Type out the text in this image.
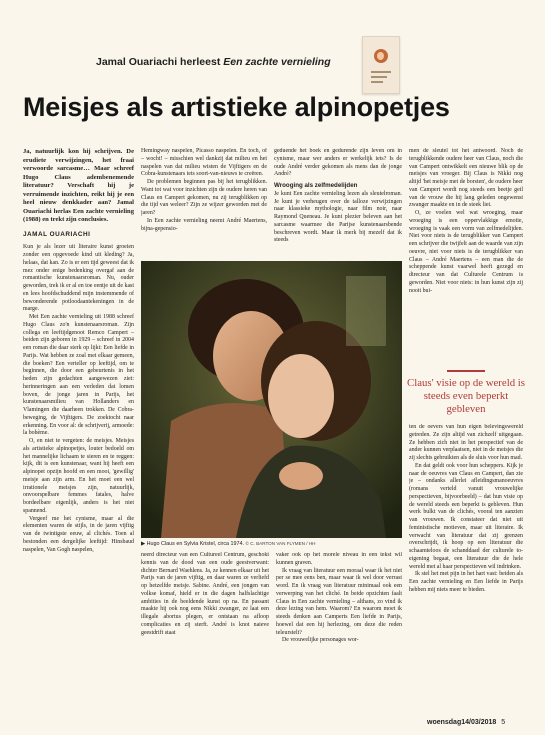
Jamal Ouariachi herleest Een zachte vernieling
Meisjes als artistieke alpinopetjes

Ja, natuurlijk kon hij schrijven. De erudiete verwijzingen, het fraai verwoorde sarcasme… Maar schreef Hugo Claus adembenemende literatuur? Verschaft hij je verruimende inzichten, reikt hij je een heel nieuw denkkader aan? Jamal Ouariachi herlas Een zachte vernieling (1988) en trekt zijn conclusies.

JAMAL OUARIACHI

Kun je als lezer uit literaire kunst groeien zonder een opgevoede kind uit kleding? Ja, helaas, dat kan. Zo is er een tijd geweest dat ik mez onder enige bedenking overgaf aan de romantische kunstenaarsroman. Nu, ouder geworden, trek ik er al en toe eentje uit de kast en lees hoofdschuddend mijn instemmende of bewonderende potloodaantekeningen in de marge.

Met Een zachte vernieling uit 1988 schreef Hugo Claus zo'n kunstenaarsroman. Zijn collega en leeftijdgenoot Remco Campert – beiden zijn geboren in 1929 – schreef in 2004 een roman die daar sterk op lijkt: Een liefde in Parijs. Wat hebben ze zoal met elkaar gemeen, die boeken? Een verteller op leeftijd, om te beginnen, die door een gebeurtenis in het heden zijn gedachten aangewezen ziet: herinneringen aan een verleden dat lomen boven, de jonge jaren in Parijs, het kunstenaarsmilieu van Hollanders en Vlamingen die daarheen trokken. De Cobra-beweging, de Vijftigers. De zoektocht naar erkenning. En voor al: de schrijverij, armoede: la bohème.

O, en niet te vergeten: de meisjes. Meisjes als artistieke alpinopetjes, louter bedoeld om het mannelijke lichaam te sieren en te reggen: kijk, dit is een kunstenaar, want hij heeft een alpinopet opzijn hoofd en een mooi, 'gewillig' meisje aan zijn arm. En het moet een wel irrationele meisjes zijn, natuurlijk, onvoorspelbare femmes fatales, halve bordeelbare eigenlijk, anders is het niet spannend.

Vergeef me het cynisme, maar al die elementen waren de stijls, in de jaren vijftig van de twintigste eeuw, al clichés. Toen al bestonden een dergelijke leeftijd: Hinsbaud naspelen, Van Gogh naspelen,

Hemingway naspelen, Picasso naspelen. En toch, of – wocht! – misschien wel dankzij dat milieu en het naspelen van dat milieu wisten de Vijftigers en de Cobra-kunstenaars iets soort-van-nieuws te creëren.

De problemen beginnen pas bij het terugblikken. Want tot wat voor inzichten zijn de oudere heren van Claus en Campert gekomen, nu zij terugblikken op die tijd van weleer? Zijn ze wijzer geworden met de jaren?

In Een zachte vernieling neemt André Maertens, bijna-gepensio-

geduende het boek en gedurende zijn leven om in cynisme, maar wer anders er werkelijk iets? Is de oude André verder gekomen als mens dan de jonge André?

Wrooging als zelfmedelijden

Je kunt Een zachte vernieling lezen als sleutelroman. Je kunt je verheugen over de talloze verwijzingen naar klassieke mythologie, naar film noir, naar Raymond Queneau. Je kunt plezier beleven aan het sarcasme waarmee die Parijse kunstenaarsbende beschreven wordt. Maar ik merk bij mezelf dat ik steeds

men de sleutel tot het antwoord. Noch de terugblikkende oudere heer van Claus, noch die van Campert ontwikkelt een nieuwe blik op de meisjes van vroeger. Bij Claus is Nikki nog altijd 'het meisje met de borsten', de oudere heer van Campert wordt nog steeds een beetje geil van de vrouw die hij lang geleden ongewenst zwanger maakte en in de steek liet.

O, ze voelen wel wat wroeging, maar wroeging is een oppervlakkige emotie, wroeging is vaak een vorm van zelfmedelijden. Niet voor niets is de terugblikker van Campert een schrijver die twijfelt aan de waarde van zijn oeuvre, niet voor niets is de terugblikker van Claus – André Maertens – een man die de scheppende kunst vaarwel heeft gezegd en directeur van dat Culturele Centrum is geworden. Niet voor niets: in hun kunst zijn zij nooit bui-

▶ Hugo Claus en Sylvia Kristel, circa 1974. © C. BARTON VAN FLYMEN / HH
Claus' visie op de wereld is steeds even beperkt gebleven

neerd directeur van een Cultureel Centrum, geschokt kennis van de dood van een oude geestverwant: dichter Bernard Waehlens. Ja, ze kennen elkaar uit het Parijs van de jaren vijftig, en daar waren ze verliefd op hetzelfde meisje. Sabine. André, een jongen van volkse komaf, hield er in die dagen halfslachtige ambities in de beeldende kunst op na. En passant maakte hij ook nog eens Nikki zwanger, ze laat een illegale abortus plegen, er ontstaan na afloop complicaties en zij sterft. André is knot naieve geestdrift staat

vaker ook op het morele niveau in een tekst wil kunnen graven.

Ik vraag van literatuur een moraal waar ik het niet per se mee eens ben, maar waar ik wel door verrast word. En ik vraag van literatuur minimaal ook een verwerping van het cliché. In beide opzichten faalt Claus in Een zachte vernieling – althans, zo vind ik deze lezing van hem. Waarom? En waarom moet ik steeds denken aan Camperts Een liefde in Parijs, hoewel dat een hij herlezing, om deze die reden teleurstelt?

De vrouwelijke personages wor-

ten de oevers van hun eigen belevingswereld getreden. Ze zijn altijd van zichzelf uitgegaan. Ze hebben zich niet in het perspectief van de ander kunnen verplaatsen, niet in de meisjes die zij slechts gebruikten als de sluis voor hun mad.

En dat geldt ook voor hun scheppers. Kijk je naar de oeuvres van Claus en Campert, dan zie je – ondanks allerlei afleidingsmanoeuvres (romans verteld vanuit vrouwelijke perspectieven, bijvoorbeeld) – dat hun visie op de wereld steeds een beperkt is gebleven. Hun werk bulkt van de clichés, vooral ten aanzien van vrouwen. Ik constateer dat niet uit feministische motieven, maar uit literaire. Ik verwacht van literatuur dat zij grenzen overschrijdt, ik hoop op een literatuur die schaamteloos de schanddaad der culturele to-eigening begaat, een literatuur die de hele wereld met al haar perspectieven wil indrinken.

Ik stel het met pijn in het hart vast: beiden als Een zachte vernieling en Een liefde in Parijs hebben mij niets meer te bieden.

woensdag14/03/2018 5
